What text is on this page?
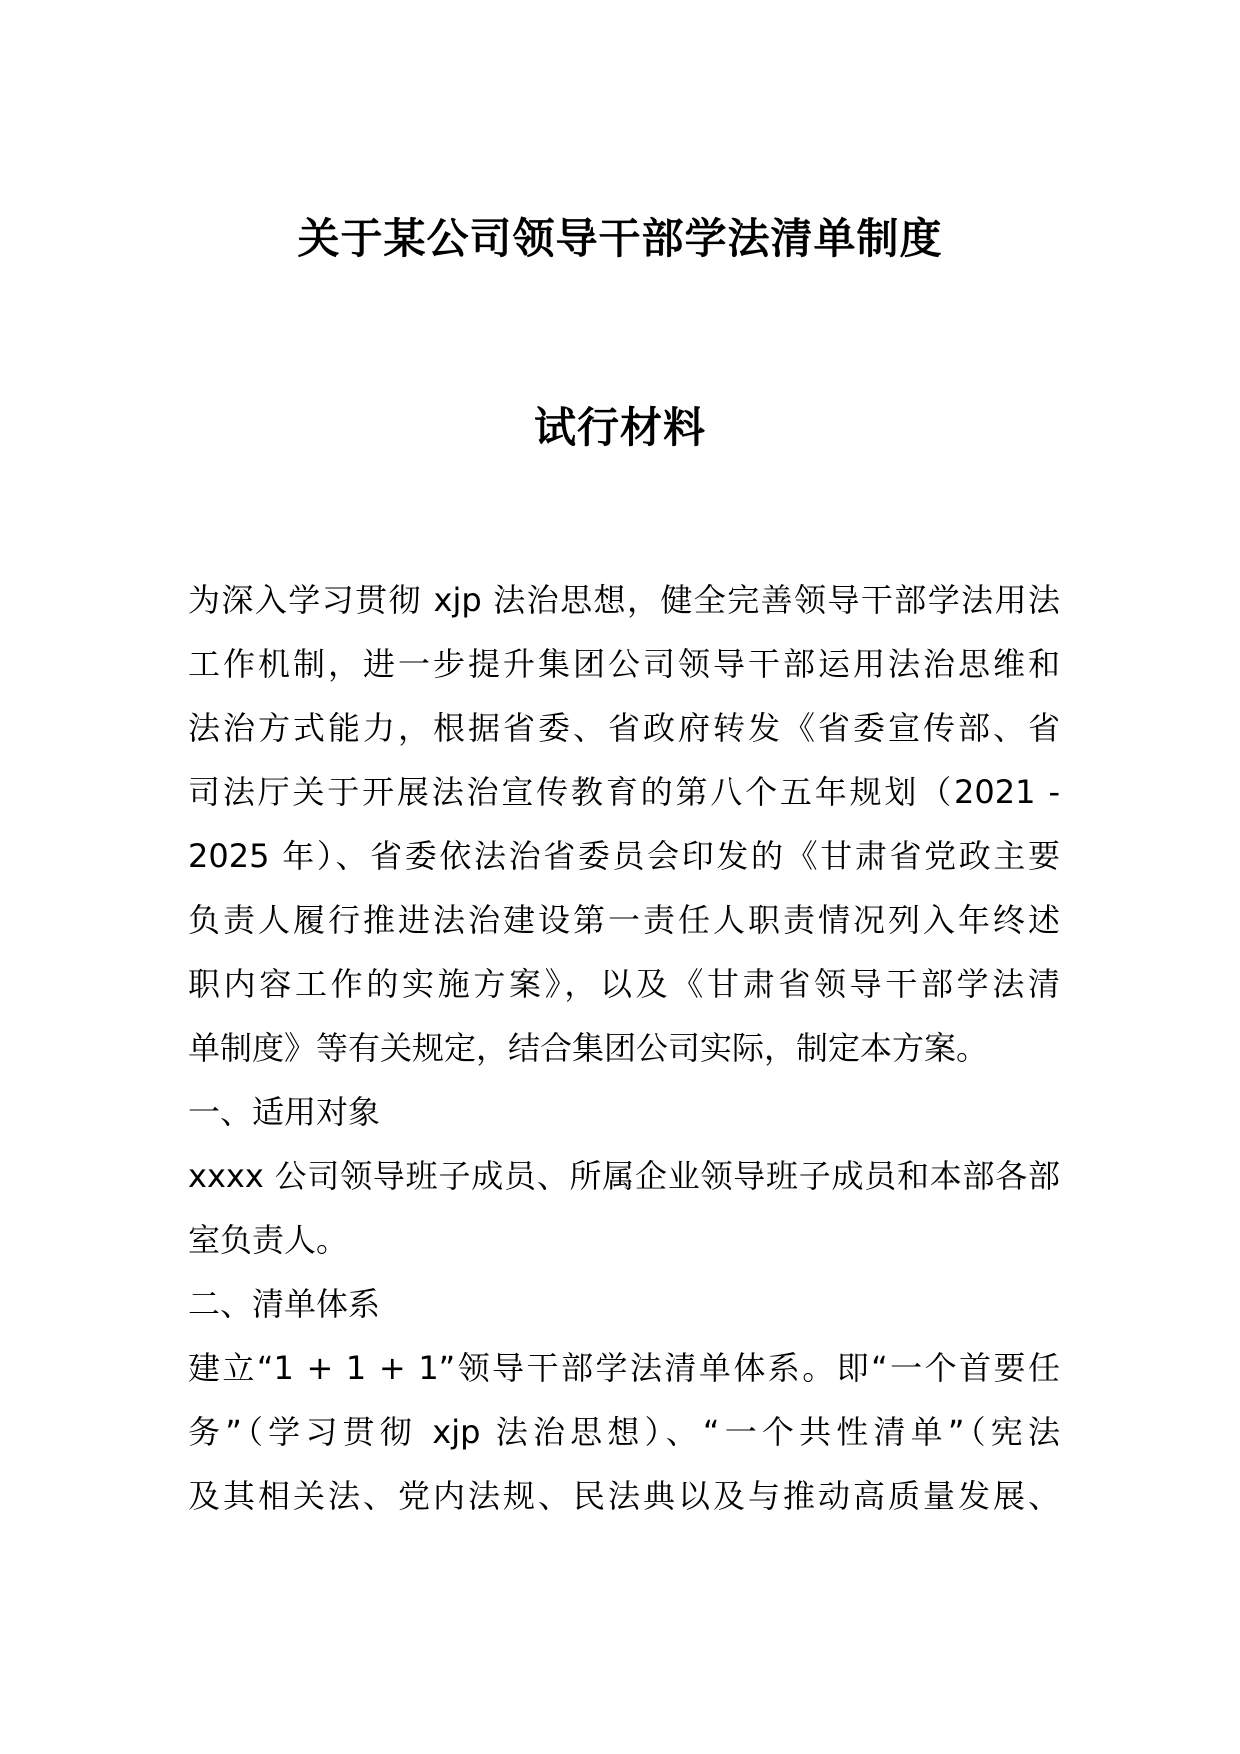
关于某公司领导干部学法清单制度
试行材料
为深入学习贯彻 xjp 法治思想，健全完善领导干部学法用法
工作机制，进一步提升集团公司领导干部运用法治思维和
法治方式能力，根据省委、省政府转发《省委宣传部、省
司法厅关于开展法治宣传教育的第八个五年规划（2021 -
2025 年）、省委依法治省委员会印发的《甘肃省党政主要
负责人履行推进法治建设第一责任人职责情况列入年终述
职内容工作的实施方案》，以及《甘肃省领导干部学法清
单制度》等有关规定，结合集团公司实际，制定本方案。
一、适用对象
xxxx 公司领导班子成员、所属企业领导班子成员和本部各部
室负责人。
二、清单体系
建立“1 + 1 + 1”领导干部学法清单体系。即“一个首要任
务”（学习贯彻 xjp 法治思想）、“一个共性清单”（宪法
及其相关法、党内法规、民法典以及与推动高质量发展、
